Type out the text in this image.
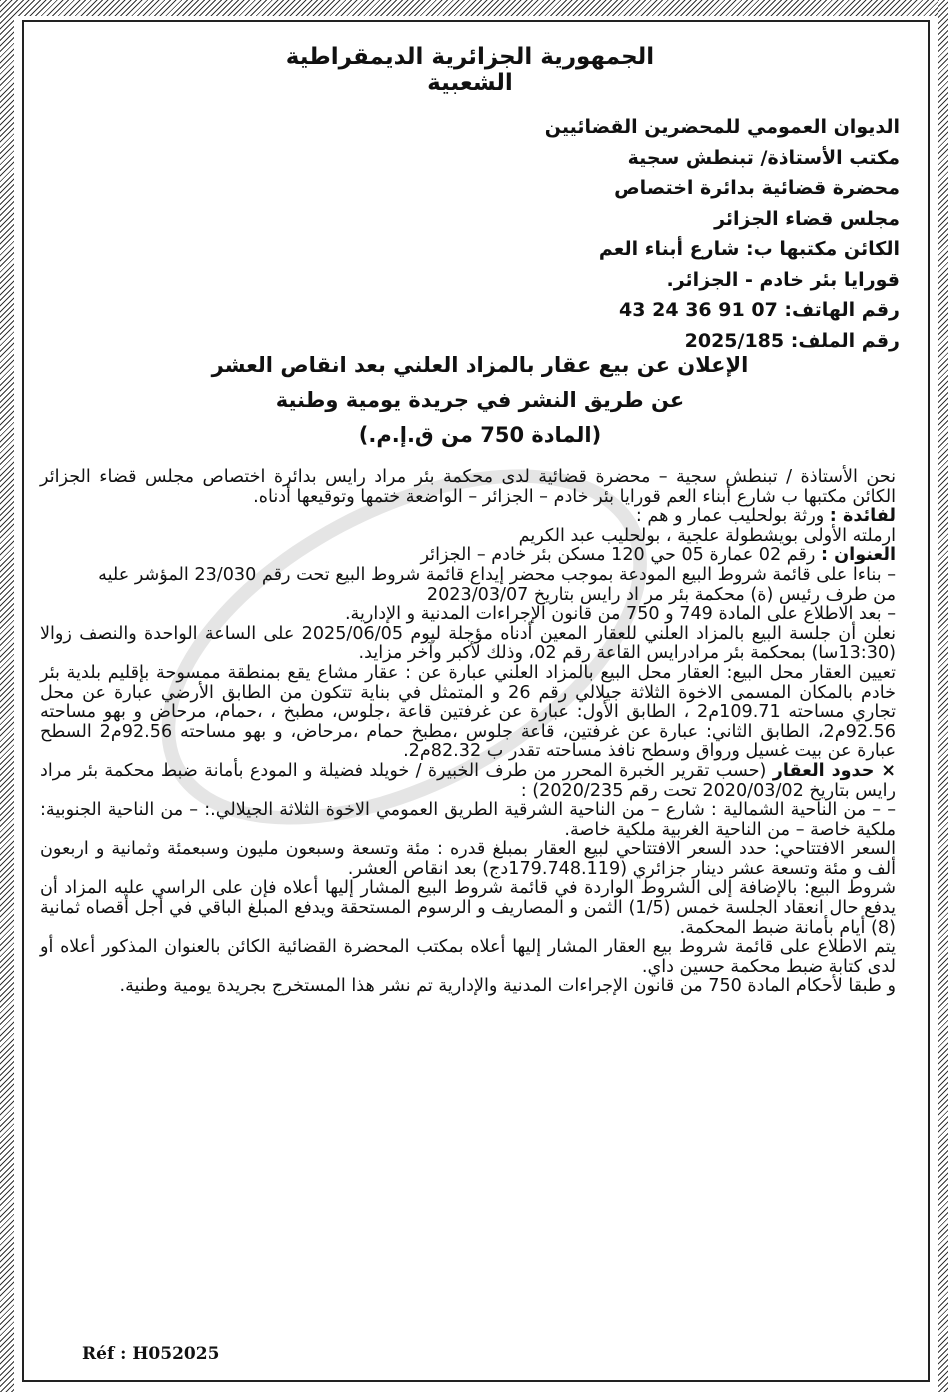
الجمهورية الجزائرية الديمقراطية الشعبية
الديوان العمومي للمحضرين القضائيين
مكتب الأستاذة/ تبنطش سجية
محضرة قضائية بدائرة اختصاص
مجلس قضاء الجزائر
الكائن مكتبها ب: شارع أبناء العم
قورايا بئر خادم - الجزائر.
رقم الهاتف: 07 91 36 24 43
رقم الملف: 2025/185
الإعلان عن بيع عقار بالمزاد العلني بعد انقاص العشر
عن طريق النشر في جريدة يومية وطنية
(المادة 750 من ق.إ.م.)

نحن الأستاذة / تبنطش سجية – محضرة قضائية لدى محكمة بئر مراد رايس بدائرة اختصاص مجلس قضاء الجزائر الكائن مكتبها ب شارع أبناء العم قورايا بئر خادم – الجزائر – الواضعة ختمها وتوقيعها أدناه.

لفائدة : ورثة بولحليب عمار و هم :

ارملته الأولى بويشطولة علجية ، بولحليب عبد الكريم

العنوان : رقم 02 عمارة 05 حي 120 مسكن بئر خادم – الجزائر

– بناءا على قائمة شروط البيع المودعة بموجب محضر إيداع قائمة شروط البيع تحت رقم 23/030 المؤشر عليه

من طرف رئيس (ة) محكمة بئر مر اد رايس بتاريخ 2023/03/07

– بعد الاطلاع على المادة 749 و 750 من قانون الإجراءات المدنية و الإدارية.

نعلن أن جلسة البيع بالمزاد العلني للعقار المعين أدناه مؤجلة ليوم 2025/06/05 على الساعة الواحدة والنصف زوالا (13:30سا) بمحكمة بئر مرادرايس القاعة رقم 02، وذلك لأكبر وآخر مزايد.

تعيين العقار محل البيع: العقار محل البيع بالمزاد العلني عبارة عن : عقار مشاع يقع بمنطقة ممسوحة بإقليم بلدية بئر خادم بالمكان المسمى الاخوة الثلاثة جيلالي رقم 26 و المتمثل في بناية تتكون من الطابق الأرضي عبارة عن محل تجاري مساحته 109.71م2 ، الطابق الأول: عبارة عن غرفتين قاعة ،جلوس، مطبخ ، ،حمام، مرحاض و بهو مساحته 92.56م2، الطابق الثاني: عبارة عن غرفتين، قاعة جلوس ،مطبخ حمام ،مرحاض، و بهو مساحته 92.56م2 السطح عبارة عن بيت غسيل ورواق وسطح نافذ مساحته تقدر ب 82.32م2.

× حدود العقار (حسب تقرير الخبرة المحرر من طرف الخبيرة / خويلد فضيلة و المودع بأمانة ضبط محكمة بئر مراد رايس بتاريخ 2020/03/02 تحت رقم 2020/235) :

– – من الناحية الشمالية : شارع – من الناحية الشرقية الطريق العمومي الاخوة الثلاثة الجيلالي.: – من الناحية الجنوبية: ملكية خاصة – من الناحية الغربية ملكية خاصة.

السعر الافتتاحي: حدد السعر الافتتاحي لبيع العقار بمبلغ قدره : مئة وتسعة وسبعون مليون وسبعمئة وثمانية و اربعون ألف و مئة وتسعة عشر دينار جزائري (179.748.119دج) بعد انقاص العشر.

شروط البيع: بالإضافة إلى الشروط الواردة في قائمة شروط البيع المشار إليها أعلاه فإن على الراسي عليه المزاد أن يدفع حال انعقاد الجلسة خمس (1/5) الثمن و المصاريف و الرسوم المستحقة ويدفع المبلغ الباقي في أجل أقصاه ثمانية (8) أيام بأمانة ضبط المحكمة.

يتم الاطلاع على قائمة شروط بيع العقار المشار إليها أعلاه بمكتب المحضرة القضائية الكائن بالعنوان المذكور أعلاه أو لدى كتابة ضبط محكمة حسين داي.

و طبقا لأحكام المادة 750 من قانون الإجراءات المدنية والإدارية تم نشر هذا المستخرج بجريدة يومية وطنية.

Réf : H052025
